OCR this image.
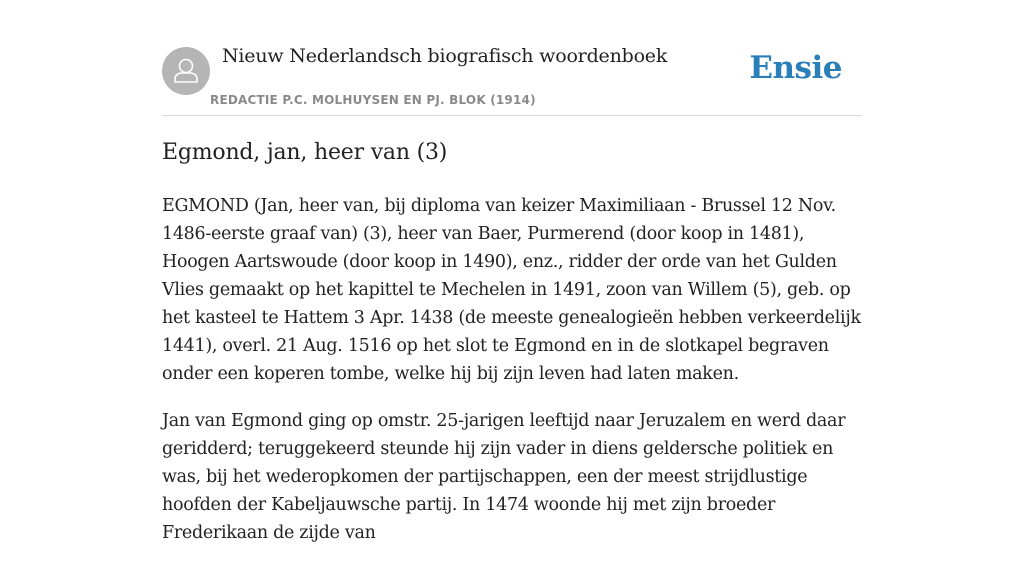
Nieuw Nederlandsch biografisch woordenboek
REDACTIE P.C. MOLHUYSEN EN PJ. BLOK (1914)
Ensie
Egmond, jan, heer van (3)

EGMOND (Jan, heer van, bij diploma van keizer Maximiliaan - Brussel 12 Nov. 1486-eerste graaf van) (3), heer van Baer, Purmerend (door koop in 1481), Hoogen Aartswoude (door koop in 1490), enz., ridder der orde van het Gulden Vlies gemaakt op het kapittel te Mechelen in 1491, zoon van Willem (5), geb. op het kasteel te Hattem 3 Apr. 1438 (de meeste genealogieën hebben verkeerdelijk 1441), overl. 21 Aug. 1516 op het slot te Egmond en in de slotkapel begraven onder een koperen tombe, welke hij bij zijn leven had laten maken.

Jan van Egmond ging op omstr. 25-jarigen leeftijd naar Jeruzalem en werd daar geridderd; teruggekeerd steunde hij zijn vader in diens geldersche politiek en was, bij het wederopkomen der partijschappen, een der meest strijdlustige hoofden der Kabeljauwsche partij. In 1474 woonde hij met zijn broeder Frederikaan de zijde van
